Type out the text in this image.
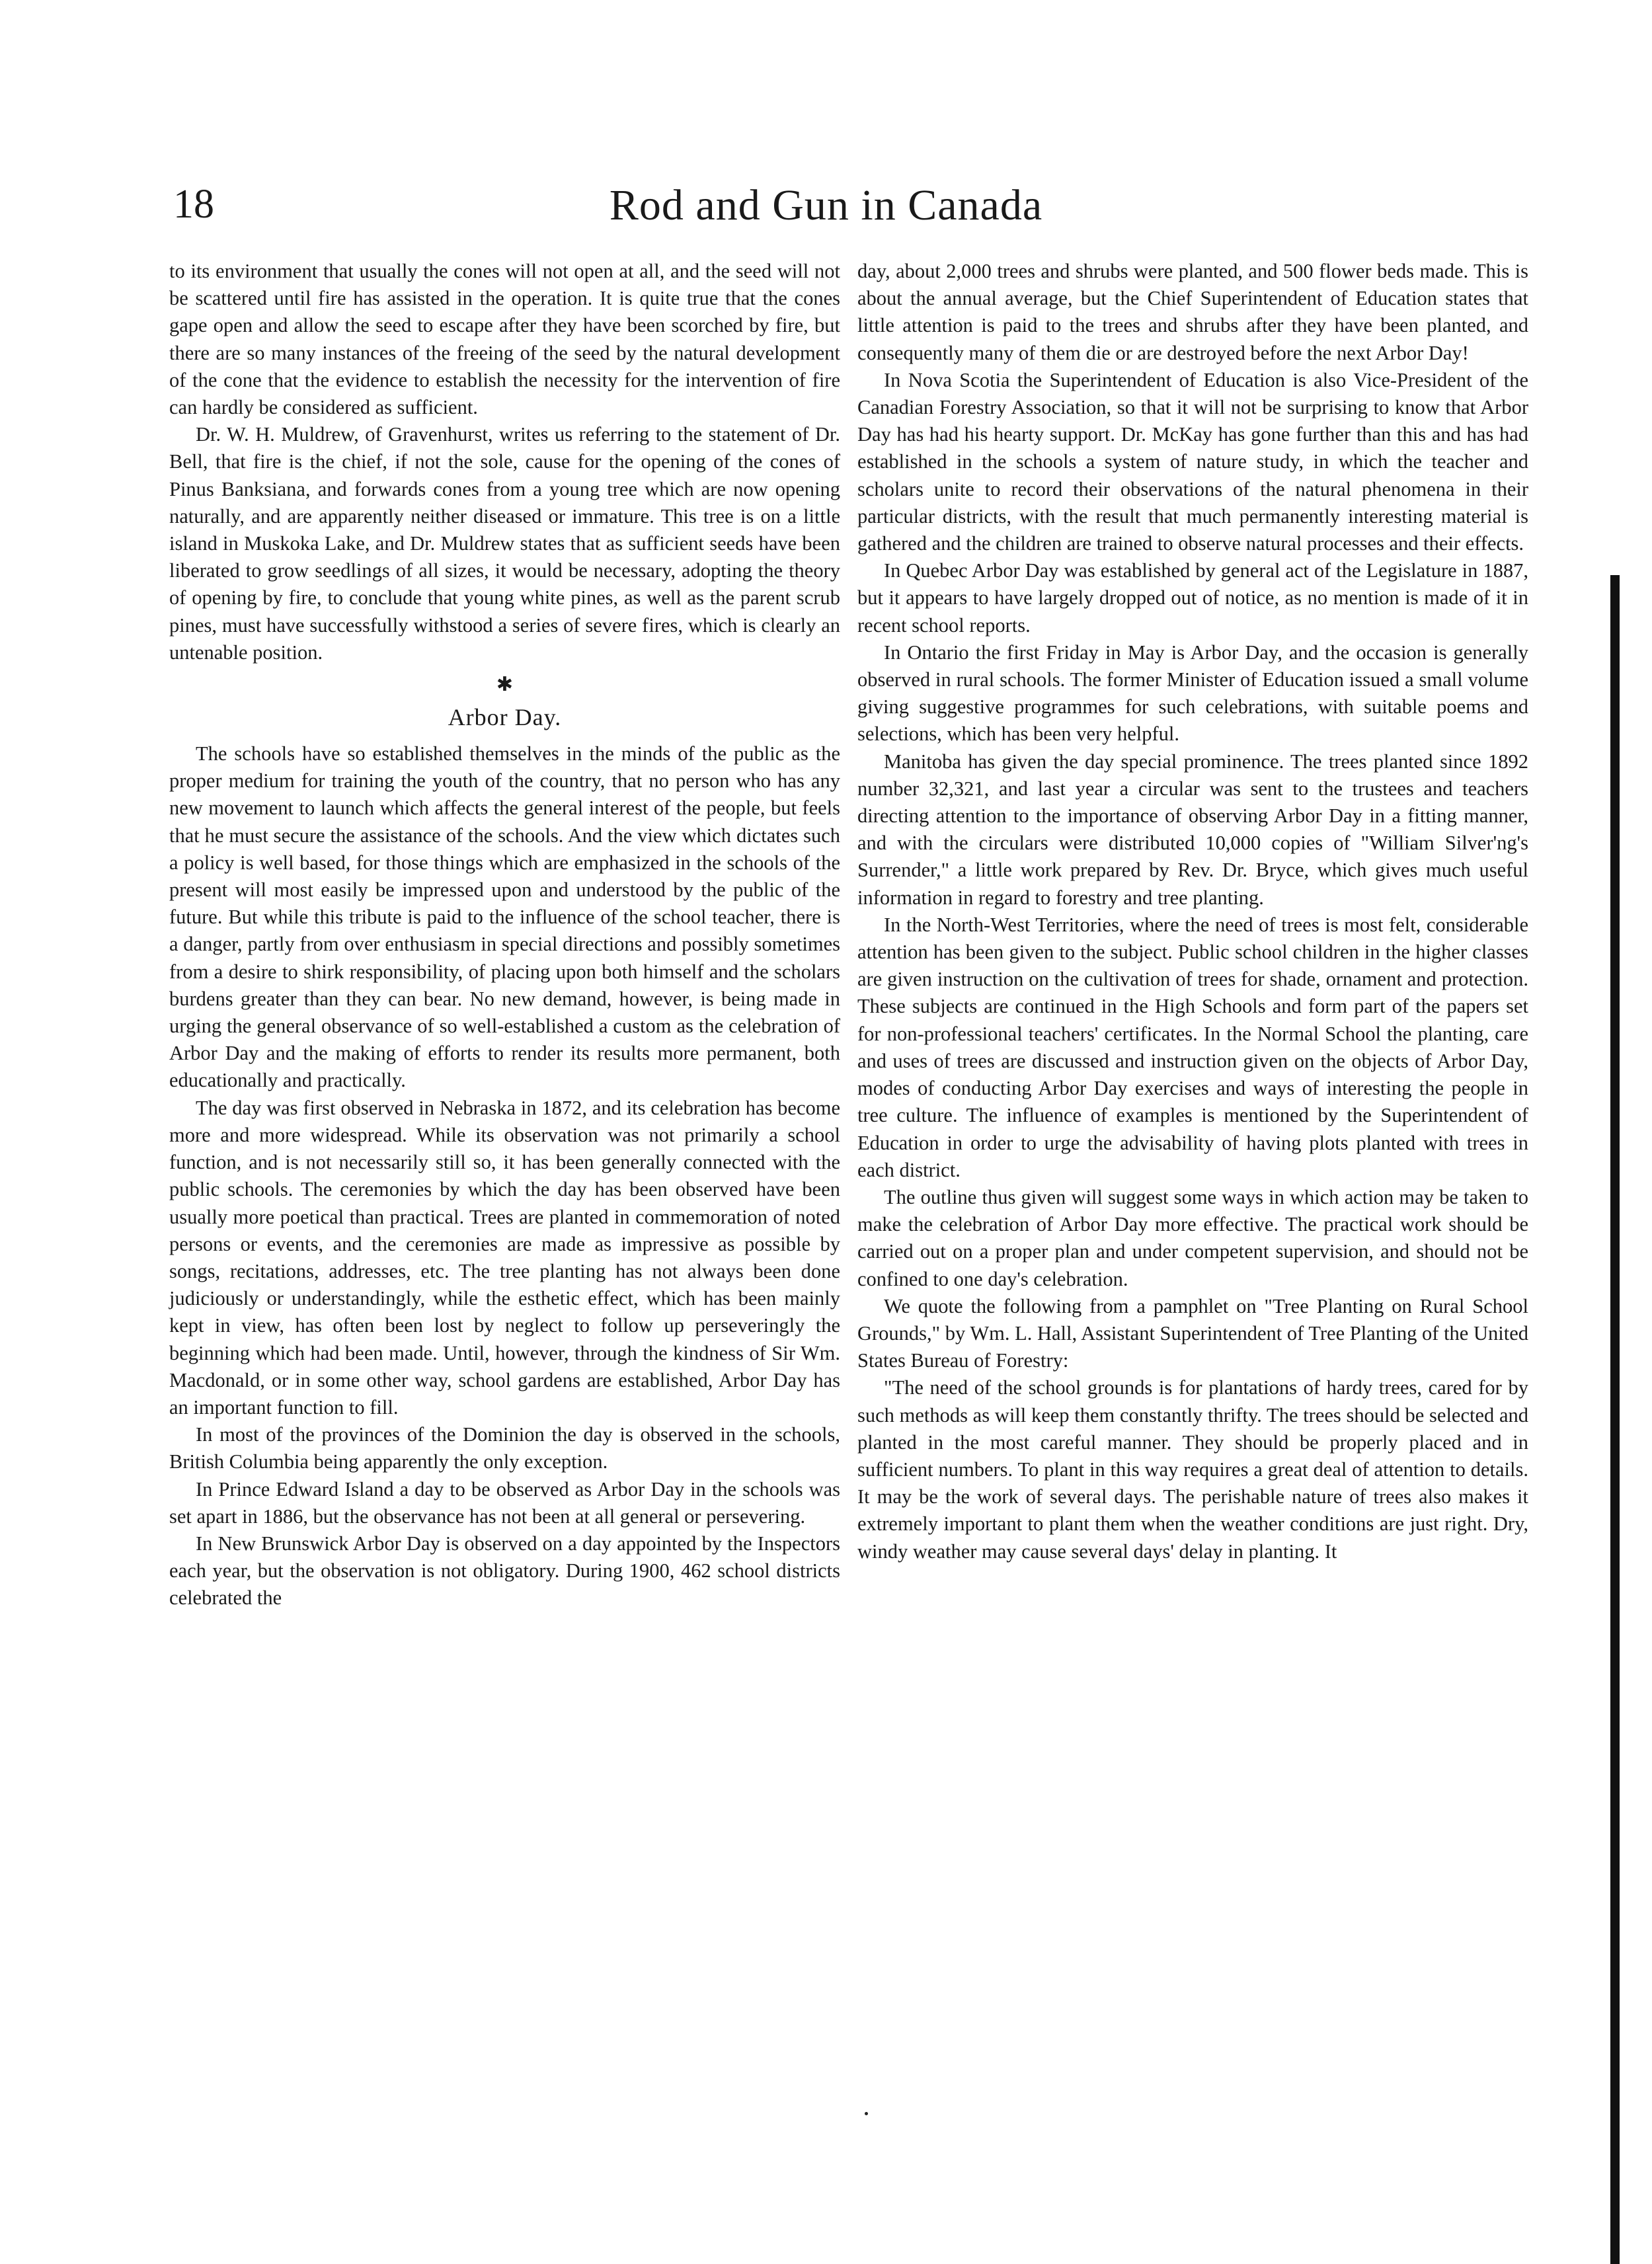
18	Rod and Gun in Canada

to its environment that usually the cones will not open at all, and the seed will not be scattered until fire has assisted in the operation. It is quite true that the cones gape open and allow the seed to escape after they have been scorched by fire, but there are so many instances of the freeing of the seed by the natural development of the cone that the evidence to establish the necessity for the intervention of fire can hardly be considered as sufficient.

Dr. W. H. Muldrew, of Gravenhurst, writes us referring to the statement of Dr. Bell, that fire is the chief, if not the sole, cause for the opening of the cones of Pinus Banksiana, and forwards cones from a young tree which are now opening naturally, and are apparently neither diseased or immature. This tree is on a little island in Muskoka Lake, and Dr. Muldrew states that as sufficient seeds have been liberated to grow seedlings of all sizes, it would be necessary, adopting the theory of opening by fire, to conclude that young white pines, as well as the parent scrub pines, must have successfully withstood a series of severe fires, which is clearly an untenable position.

✱
Arbor Day.

The schools have so established themselves in the minds of the public as the proper medium for training the youth of the country, that no person who has any new movement to launch which affects the general interest of the people, but feels that he must secure the assistance of the schools. And the view which dictates such a policy is well based, for those things which are emphasized in the schools of the present will most easily be impressed upon and understood by the public of the future. But while this tribute is paid to the influence of the school teacher, there is a danger, partly from over enthusiasm in special directions and possibly sometimes from a desire to shirk responsibility, of placing upon both himself and the scholars burdens greater than they can bear. No new demand, however, is being made in urging the general observance of so well-established a custom as the celebration of Arbor Day and the making of efforts to render its results more permanent, both educationally and practically.

The day was first observed in Nebraska in 1872, and its celebration has become more and more widespread. While its observation was not primarily a school function, and is not necessarily still so, it has been generally connected with the public schools. The ceremonies by which the day has been observed have been usually more poetical than practical. Trees are planted in commemoration of noted persons or events, and the ceremonies are made as impressive as possible by songs, recitations, addresses, etc. The tree planting has not always been done judiciously or understandingly, while the esthetic effect, which has been mainly kept in view, has often been lost by neglect to follow up perseveringly the beginning which had been made. Until, however, through the kindness of Sir Wm. Macdonald, or in some other way, school gardens are established, Arbor Day has an important function to fill.

In most of the provinces of the Dominion the day is observed in the schools, British Columbia being apparently the only exception.

In Prince Edward Island a day to be observed as Arbor Day in the schools was set apart in 1886, but the observance has not been at all general or persevering.

In New Brunswick Arbor Day is observed on a day appointed by the Inspectors each year, but the observation is not obligatory. During 1900, 462 school districts celebrated the

day, about 2,000 trees and shrubs were planted, and 500 flower beds made. This is about the annual average, but the Chief Superintendent of Education states that little attention is paid to the trees and shrubs after they have been planted, and consequently many of them die or are destroyed before the next Arbor Day!

In Nova Scotia the Superintendent of Education is also Vice-President of the Canadian Forestry Association, so that it will not be surprising to know that Arbor Day has had his hearty support. Dr. McKay has gone further than this and has had established in the schools a system of nature study, in which the teacher and scholars unite to record their observations of the natural phenomena in their particular districts, with the result that much permanently interesting material is gathered and the children are trained to observe natural processes and their effects.

In Quebec Arbor Day was established by general act of the Legislature in 1887, but it appears to have largely dropped out of notice, as no mention is made of it in recent school reports.

In Ontario the first Friday in May is Arbor Day, and the occasion is generally observed in rural schools. The former Minister of Education issued a small volume giving suggestive programmes for such celebrations, with suitable poems and selections, which has been very helpful.

Manitoba has given the day special prominence. The trees planted since 1892 number 32,321, and last year a circular was sent to the trustees and teachers directing attention to the importance of observing Arbor Day in a fitting manner, and with the circulars were distributed 10,000 copies of "William Silver'ng's Surrender," a little work prepared by Rev. Dr. Bryce, which gives much useful information in regard to forestry and tree planting.

In the North-West Territories, where the need of trees is most felt, considerable attention has been given to the subject. Public school children in the higher classes are given instruction on the cultivation of trees for shade, ornament and protection. These subjects are continued in the High Schools and form part of the papers set for non-professional teachers' certificates. In the Normal School the planting, care and uses of trees are discussed and instruction given on the objects of Arbor Day, modes of conducting Arbor Day exercises and ways of interesting the people in tree culture. The influence of examples is mentioned by the Superintendent of Education in order to urge the advisability of having plots planted with trees in each district.

The outline thus given will suggest some ways in which action may be taken to make the celebration of Arbor Day more effective. The practical work should be carried out on a proper plan and under competent supervision, and should not be confined to one day's celebration.

We quote the following from a pamphlet on "Tree Planting on Rural School Grounds," by Wm. L. Hall, Assistant Superintendent of Tree Planting of the United States Bureau of Forestry:

"The need of the school grounds is for plantations of hardy trees, cared for by such methods as will keep them constantly thrifty. The trees should be selected and planted in the most careful manner. They should be properly placed and in sufficient numbers. To plant in this way requires a great deal of attention to details. It may be the work of several days. The perishable nature of trees also makes it extremely important to plant them when the weather conditions are just right. Dry, windy weather may cause several days' delay in planting. It
